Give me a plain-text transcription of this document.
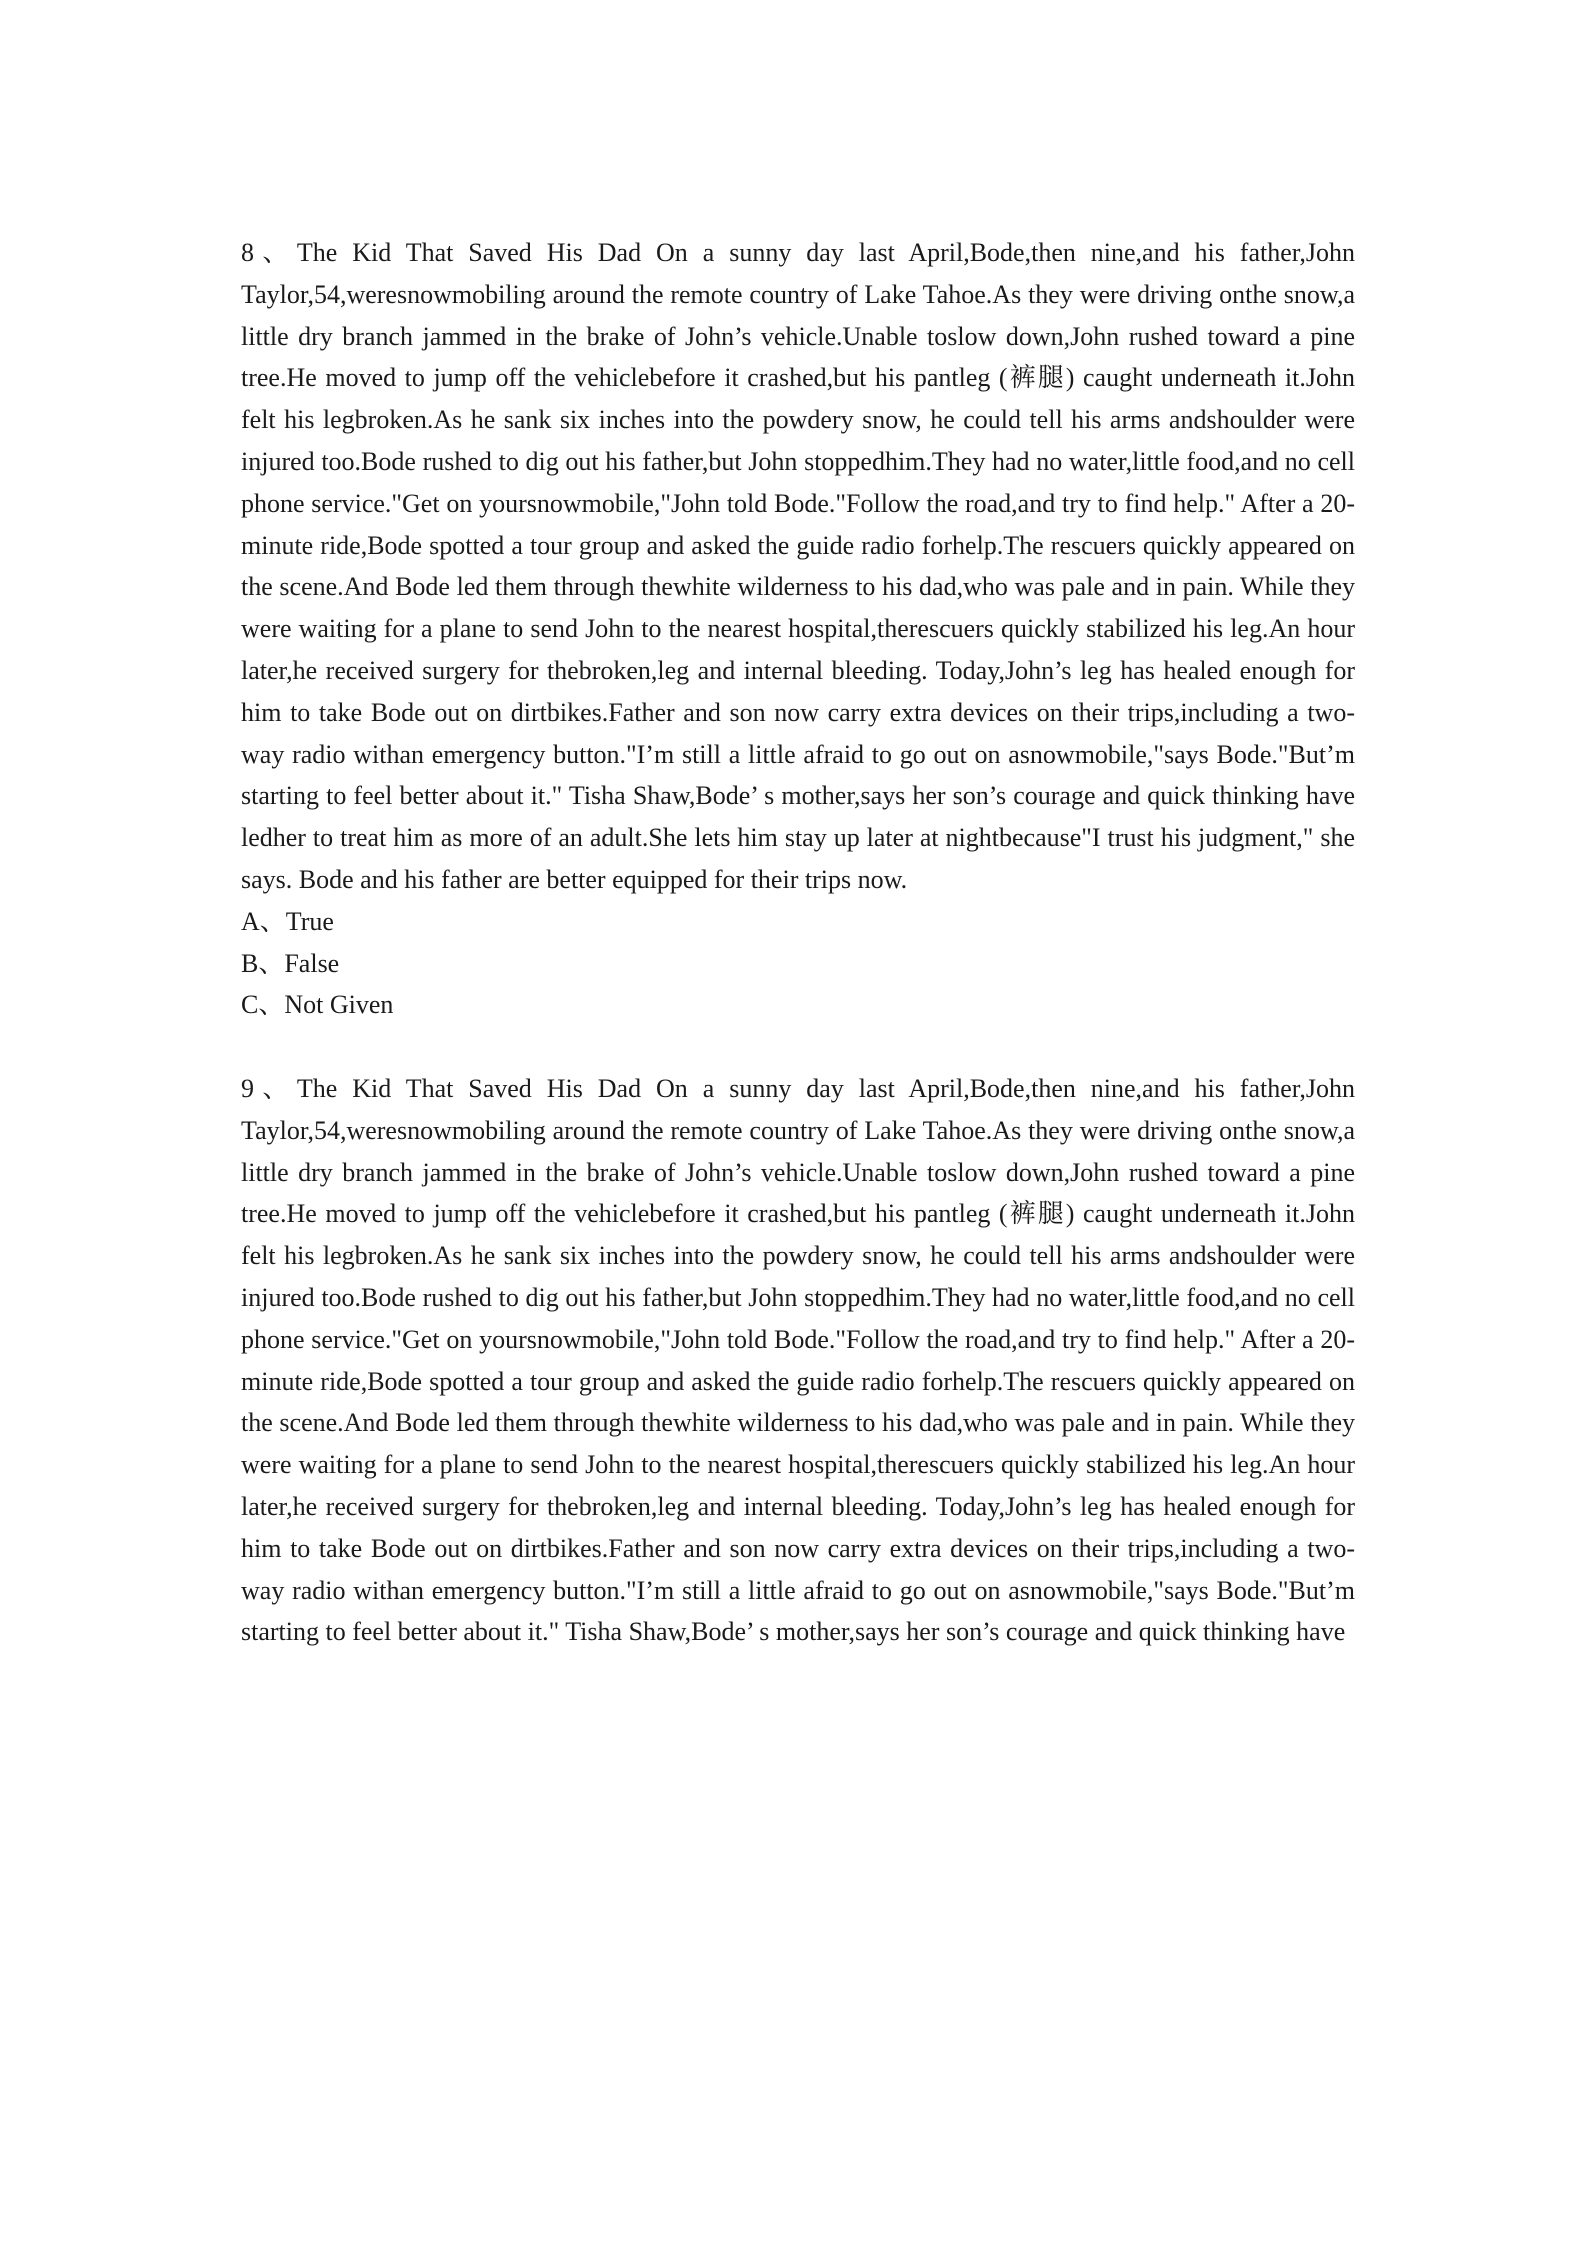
8、The Kid That Saved His Dad On a sunny day last April,Bode,then nine,and his father,John Taylor,54,weresnowmobiling around the remote country of Lake Tahoe.As they were driving onthe snow,a little dry branch jammed in the brake of John’s vehicle.Unable toslow down,John rushed toward a pine tree.He moved to jump off the vehiclebefore it crashed,but his pantleg (裤腿) caught underneath it.John felt his legbroken.As he sank six inches into the powdery snow, he could tell his arms andshoulder were injured too.Bode rushed to dig out his father,but John stoppedhim.They had no water,little food,and no cell phone service."Get on yoursnowmobile,"John told Bode."Follow the road,and try to find help." After a 20-minute ride,Bode spotted a tour group and asked the guide radio forhelp.The rescuers quickly appeared on the scene.And Bode led them through thewhite wilderness to his dad,who was pale and in pain. While they were waiting for a plane to send John to the nearest hospital,therescuers quickly stabilized his leg.An hour later,he received surgery for thebroken,leg and internal bleeding. Today,John’s leg has healed enough for him to take Bode out on dirtbikes.Father and son now carry extra devices on their trips,including a two-way radio withan emergency button."I’m still a little afraid to go out on asnowmobile,"says Bode."But’m starting to feel better about it." Tisha Shaw,Bode’ s mother,says her son’s courage and quick thinking have ledher to treat him as more of an adult.She lets him stay up later at nightbecause"I trust his judgment," she says. Bode and his father are better equipped for their trips now.

A、True
B、False
C、Not Given

9、The Kid That Saved His Dad On a sunny day last April,Bode,then nine,and his father,John Taylor,54,weresnowmobiling around the remote country of Lake Tahoe.As they were driving onthe snow,a little dry branch jammed in the brake of John’s vehicle.Unable toslow down,John rushed toward a pine tree.He moved to jump off the vehiclebefore it crashed,but his pantleg (裤腿) caught underneath it.John felt his legbroken.As he sank six inches into the powdery snow, he could tell his arms andshoulder were injured too.Bode rushed to dig out his father,but John stoppedhim.They had no water,little food,and no cell phone service."Get on yoursnowmobile,"John told Bode."Follow the road,and try to find help." After a 20-minute ride,Bode spotted a tour group and asked the guide radio forhelp.The rescuers quickly appeared on the scene.And Bode led them through thewhite wilderness to his dad,who was pale and in pain. While they were waiting for a plane to send John to the nearest hospital,therescuers quickly stabilized his leg.An hour later,he received surgery for thebroken,leg and internal bleeding. Today,John’s leg has healed enough for him to take Bode out on dirtbikes.Father and son now carry extra devices on their trips,including a two-way radio withan emergency button."I’m still a little afraid to go out on asnowmobile,"says Bode."But’m starting to feel better about it." Tisha Shaw,Bode’ s mother,says her son’s courage and quick thinking have
